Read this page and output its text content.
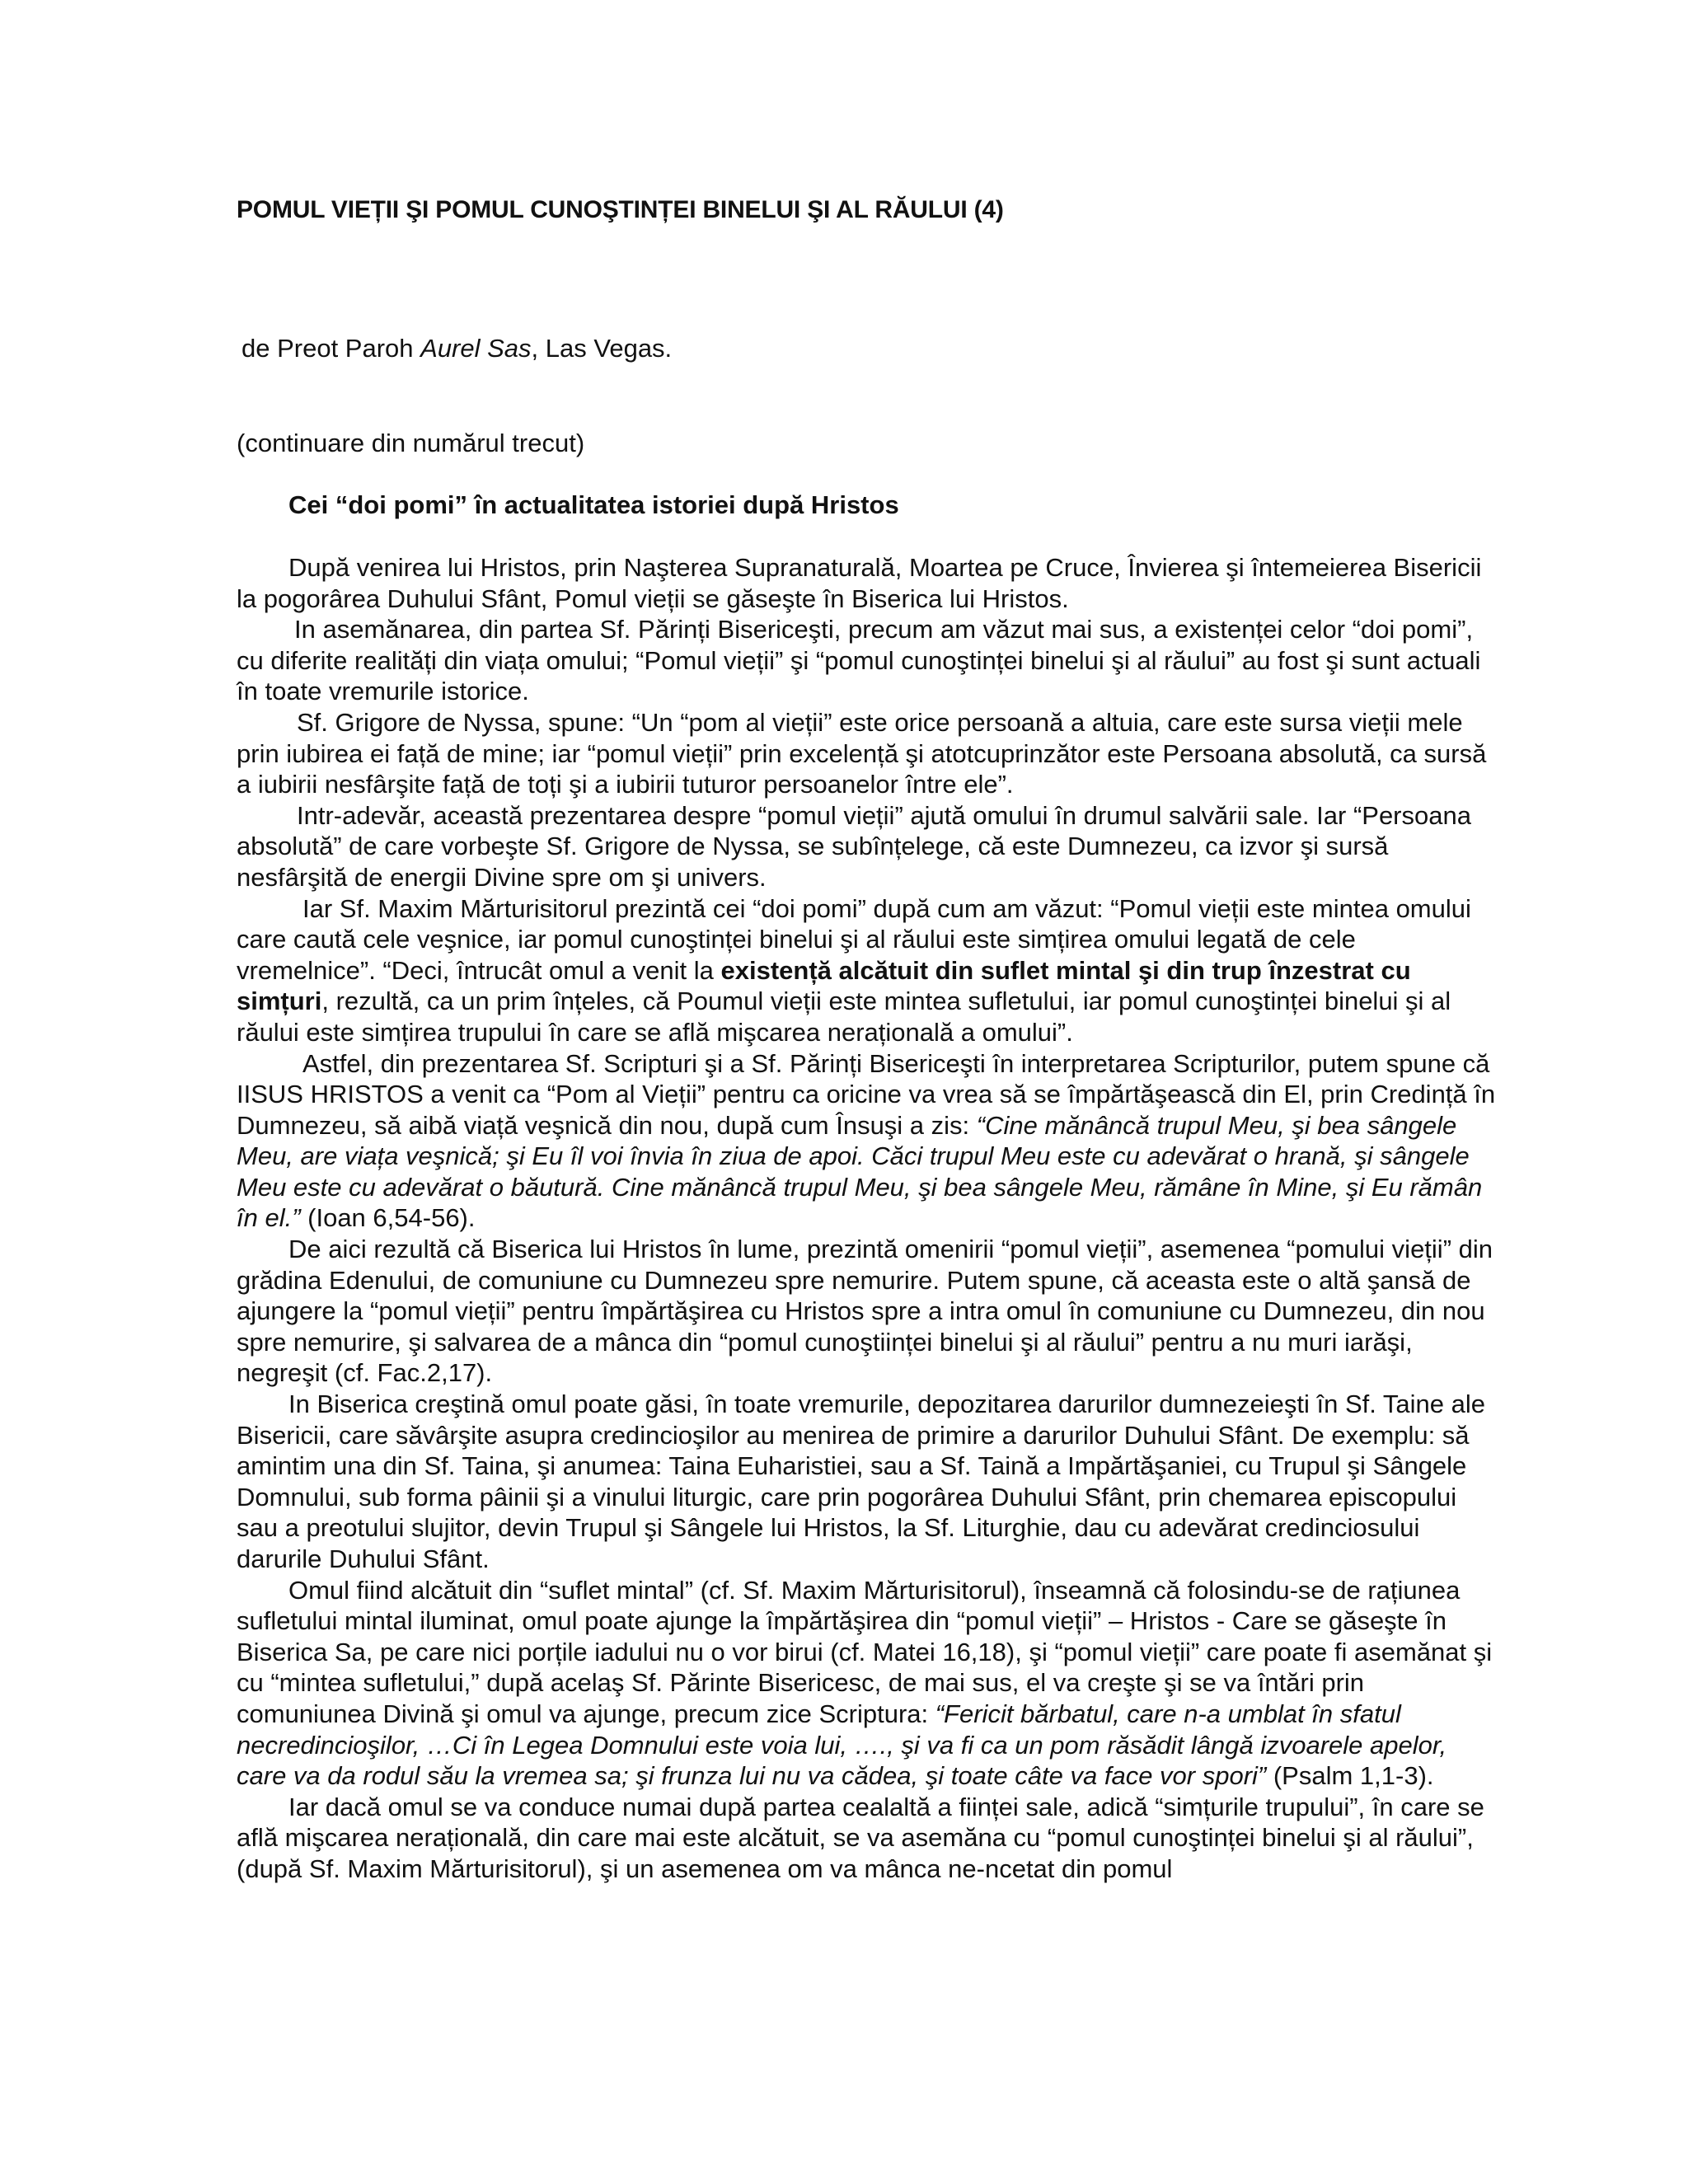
POMUL VIEȚII ŞI POMUL CUNOŞTINȚEI BINELUI ŞI AL RĂULUI (4)
de Preot Paroh Aurel Sas, Las Vegas.
(continuare din numărul trecut)
Cei “doi pomi” în actualitatea istoriei după Hristos

După venirea lui Hristos, prin Naşterea Supranaturală, Moartea pe Cruce, Învierea şi întemeierea Bisericii la pogorârea Duhului Sfânt, Pomul vieții se găseşte în Biserica lui Hristos.

In asemănarea, din partea Sf. Părinți Bisericeşti, precum am văzut mai sus, a existenței celor “doi pomi”, cu diferite realități din viața omului; “Pomul vieții” şi “pomul cunoştinței binelui şi al răului” au fost şi sunt actuali în toate vremurile istorice.

Sf. Grigore de Nyssa, spune: “Un “pom al vieții” este orice persoană a altuia, care este sursa vieții mele prin iubirea ei față de mine; iar “pomul vieții” prin excelență şi atotcuprinzător este Persoana absolută, ca sursă a iubirii nesfârşite față de toți şi a iubirii tuturor persoanelor între ele”.

Intr-adevăr, această prezentarea despre “pomul vieții” ajută omului în drumul salvării sale. Iar “Persoana absolută” de care vorbeşte Sf. Grigore de Nyssa, se subînțelege, că este Dumnezeu, ca izvor şi sursă nesfârşită de energii Divine spre om şi univers.

Iar Sf. Maxim Mărturisitorul prezintă cei “doi pomi” după cum am văzut: “Pomul vieții este mintea omului care caută cele veşnice, iar pomul cunoştinței binelui şi al răului este simțirea omului legată de cele vremelnice”. “Deci, întrucât omul a venit la existență alcătuit din suflet mintal şi din trup înzestrat cu simțuri, rezultă, ca un prim înțeles, că Poumul vieții este mintea sufletului, iar pomul cunoştinței binelui şi al răului este simțirea trupului în care se află mişcarea nerațională a omului”.

Astfel, din prezentarea Sf. Scripturi şi a Sf. Părinți Bisericeşti în interpretarea Scripturilor, putem spune că IISUS HRISTOS a venit ca “Pom al Vieții” pentru ca oricine va vrea să se împărtăşească din El, prin Credință în Dumnezeu, să aibă viață veşnică din nou, după cum Însuşi a zis: “Cine mănâncă trupul Meu, şi bea sângele Meu, are viața veşnică; şi Eu îl voi învia în ziua de apoi. Căci trupul Meu este cu adevărat o hrană, şi sângele Meu este cu adevărat o băutură. Cine mănâncă trupul Meu, şi bea sângele Meu, rămâne în Mine, şi Eu rămân în el.” (Ioan 6,54-56).

De aici rezultă că Biserica lui Hristos în lume, prezintă omenirii “pomul vieții”, asemenea “pomului vieții” din grădina Edenului, de comuniune cu Dumnezeu spre nemurire. Putem spune, că aceasta este o altă şansă de ajungere la “pomul vieții” pentru împărtăşirea cu Hristos spre a intra omul în comuniune cu Dumnezeu, din nou spre nemurire, şi salvarea de a mânca din “pomul cunoştiinței binelui şi al răului” pentru a nu muri iarăşi, negreşit (cf. Fac.2,17).

In Biserica creştină omul poate găsi, în toate vremurile, depozitarea darurilor dumnezeieşti în Sf. Taine ale Bisericii, care săvârşite asupra credincioşilor au menirea de primire a darurilor Duhului Sfânt. De exemplu: să amintim una din Sf. Taina, şi anumea: Taina Euharistiei, sau a Sf. Taină a Impărtăşaniei, cu Trupul şi Sângele Domnului, sub forma pâinii şi a vinului liturgic, care prin pogorârea Duhului Sfânt, prin chemarea episcopului sau a preotului slujitor, devin Trupul şi Sângele lui Hristos, la Sf. Liturghie, dau cu adevărat credinciosului darurile Duhului Sfânt.

Omul fiind alcătuit din “suflet mintal” (cf. Sf. Maxim Mărturisitorul), înseamnă că folosindu-se de rațiunea sufletului mintal iluminat, omul poate ajunge la împărtăşirea din “pomul vieții” – Hristos - Care se găseşte în Biserica Sa, pe care nici porțile iadului nu o vor birui (cf. Matei 16,18), şi “pomul vieții” care poate fi asemănat şi cu “mintea sufletului,” după acelaş Sf. Părinte Bisericesc, de mai sus, el va creşte şi se va întări prin comuniunea Divină şi omul va ajunge, precum zice Scriptura: “Fericit bărbatul, care n-a umblat în sfatul necredincioşilor, …Ci în Legea Domnului este voia lui, …., şi va fi ca un pom răsădit lângă izvoarele apelor, care va da rodul său la vremea sa; şi frunza lui nu va cădea, şi toate câte va face vor spori” (Psalm 1,1-3).

Iar dacă omul se va conduce numai după partea cealaltă a ființei sale, adică “simțurile trupului”, în care se află mişcarea nerațională, din care mai este alcătuit, se va asemăna cu “pomul cunoştinței binelui şi al răului”, (după Sf. Maxim Mărturisitorul), şi un asemenea om va mânca ne-ncetat din pomul
